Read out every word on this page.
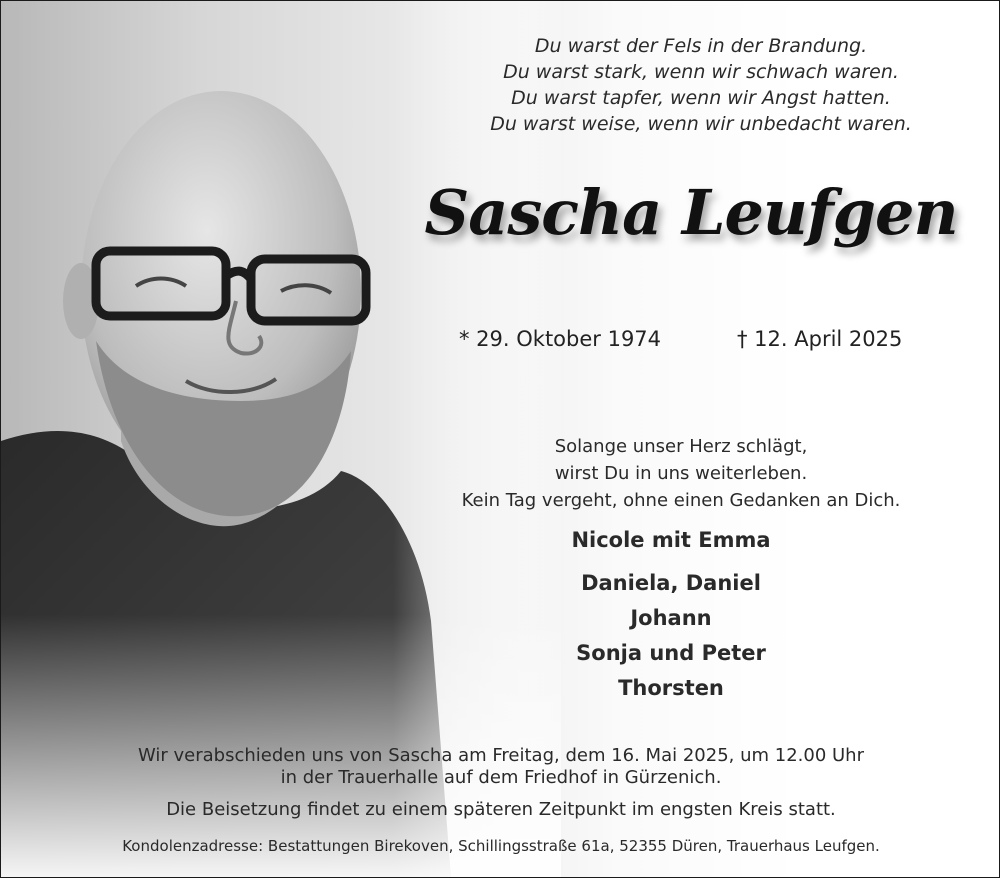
Du warst der Fels in der Brandung.
Du warst stark, wenn wir schwach waren.
Du warst tapfer, wenn wir Angst hatten.
Du warst weise, wenn wir unbedacht waren.
Sascha Leufgen
* 29. Oktober 1974	† 12. April 2025
Solange unser Herz schlägt,
wirst Du in uns weiterleben.
Kein Tag vergeht, ohne einen Gedanken an Dich.
Nicole mit Emma
Daniela, Daniel
Johann
Sonja und Peter
Thorsten
Wir verabschieden uns von Sascha am Freitag, dem 16. Mai 2025, um 12.00 Uhr
in der Trauerhalle auf dem Friedhof in Gürzenich.
Die Beisetzung findet zu einem späteren Zeitpunkt im engsten Kreis statt.
Kondolenzadresse: Bestattungen Birekoven, Schillingsstraße 61a, 52355 Düren, Trauerhaus Leufgen.
